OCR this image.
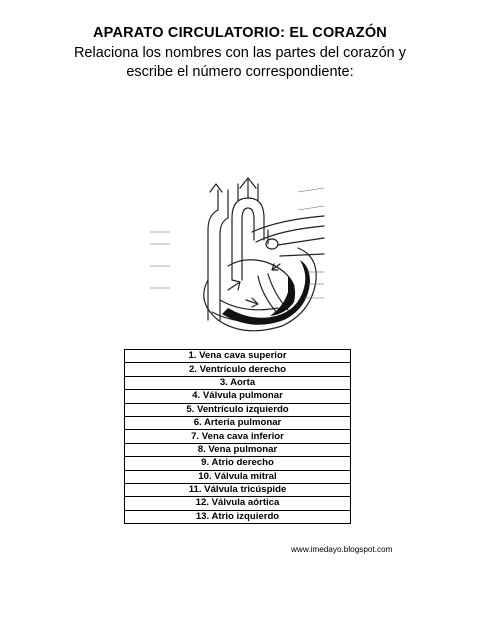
APARATO CIRCULATORIO: EL CORAZÓN
Relaciona los nombres con las partes del corazón y
escribe el número correspondiente:
1. Vena cava superior
2. Ventrículo derecho
3. Aorta
4. Válvula pulmonar
5. Ventrículo izquierdo
6. Arteria pulmonar
7. Vena cava inferior
8. Vena pulmonar
9. Atrio derecho
10. Válvula mitral
11. Válvula tricúspide
12. Válvula aórtica
13. Atrio izquierdo
www.imedayo.blogspot.com
